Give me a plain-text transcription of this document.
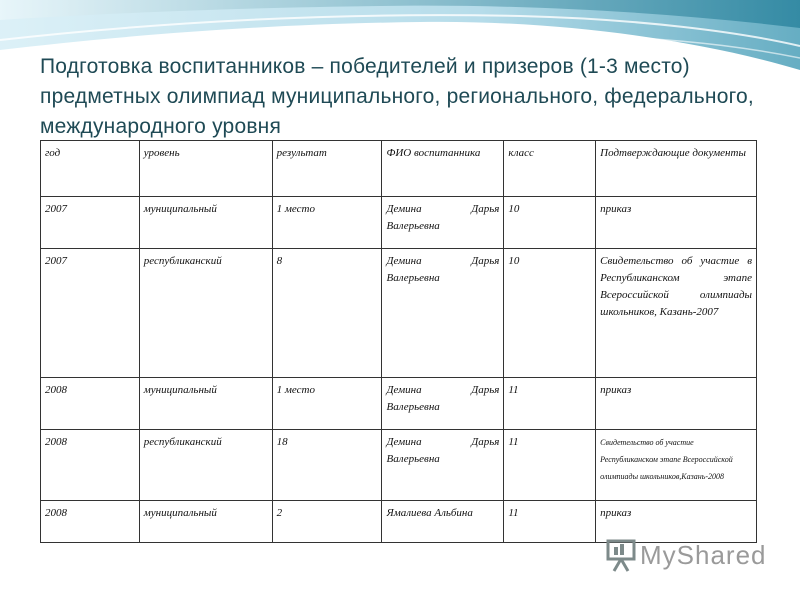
Подготовка воспитанников – победителей и призеров (1-3 место) предметных олимпиад муниципального, регионального, федерального, международного уровня
год	уровень	результат	ФИО воспитанника	класс	Подтверждающие документы
2007	муниципальный	1 место	Демина Дарья Валерьевна	10	приказ
2007	республиканский	8	Демина Дарья Валерьевна	10	Свидетельство об участие в Республиканском этапе Всероссийской олимпиады школьников, Казань-2007
2008	муниципальный	1 место	Демина Дарья Валерьевна	11	приказ
2008	республиканский	18	Демина Дарья Валерьевна	11	Свидетельство об участие Республиканском этапе Всероссийской олимпиады школьников,Казань-2008
2008	муниципальный	2	Ямалиева Альбина	11	приказ
MyShared
